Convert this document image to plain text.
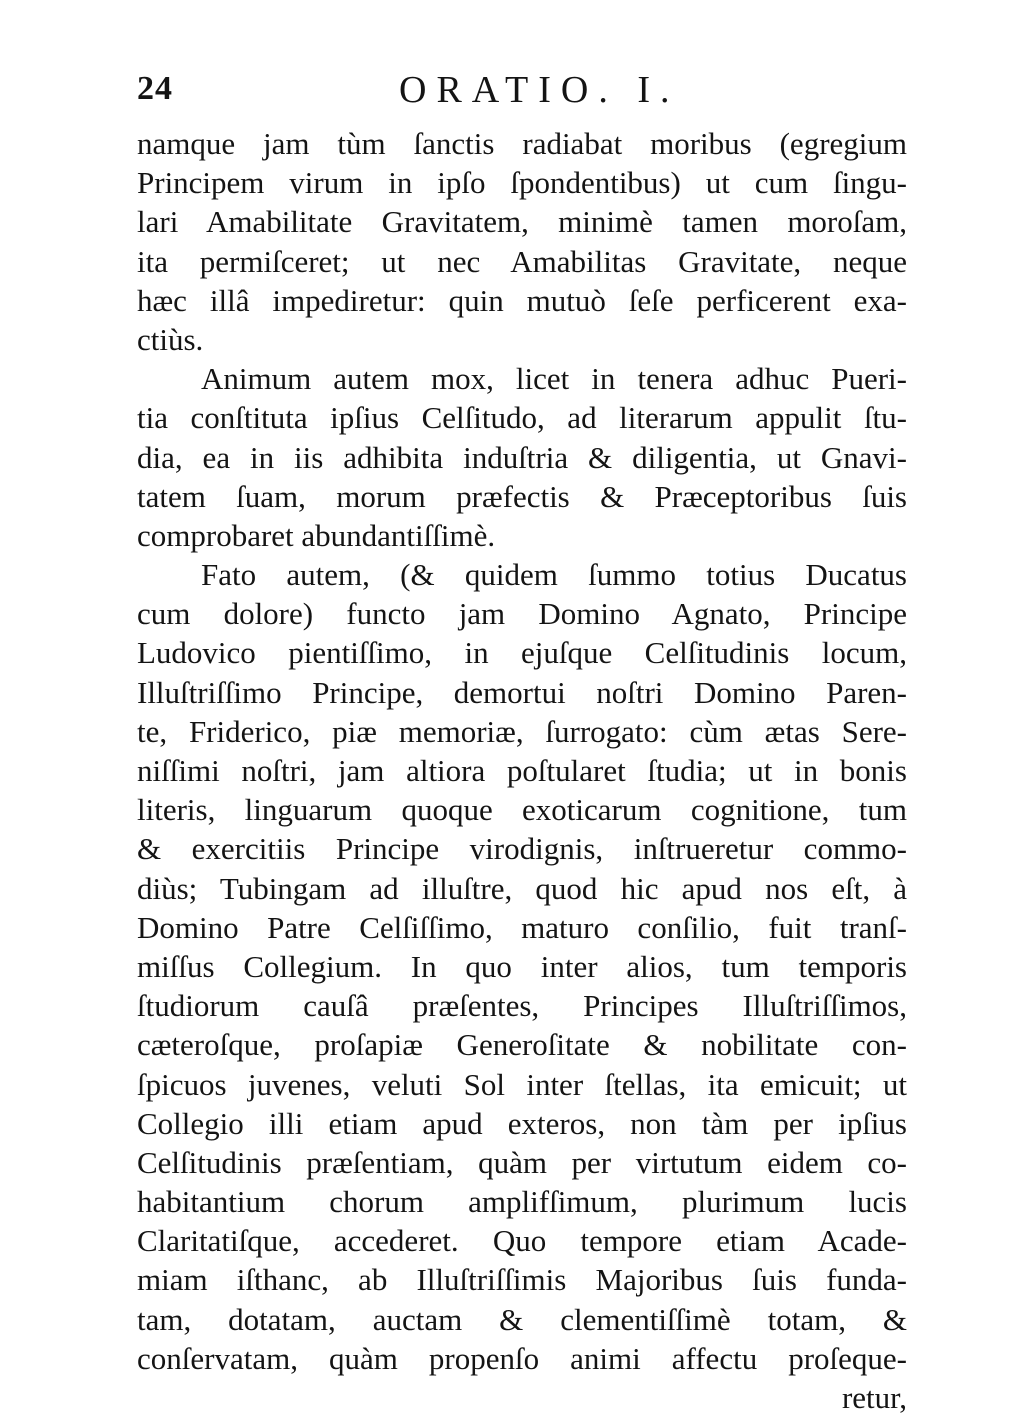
24	ORATIO. I.
namque jam tùm ſanctis radiabat moribus (egregium
Principem virum in ipſo ſpondentibus) ut cum ſingu-
lari Amabilitate Gravitatem, minimè tamen moroſam,
ita permiſceret; ut nec Amabilitas Gravitate, neque
hæc illâ impediretur: quin mutuò ſeſe perficerent exa-
ctiùs.
Animum autem mox, licet in tenera adhuc Pueri-
tia conſtituta ipſius Celſitudo, ad literarum appulit ſtu-
dia, ea in iis adhibita induſtria & diligentia, ut Gnavi-
tatem ſuam, morum præfectis & Præceptoribus ſuis
comprobaret abundantiſſimè.
Fato autem, (& quidem ſummo totius Ducatus
cum dolore) functo jam Domino Agnato, Principe
Ludovico pientiſſimo, in ejuſque Celſitudinis locum,
Illuſtriſſimo Principe, demortui noſtri Domino Paren-
te, Friderico, piæ memoriæ, ſurrogato: cùm ætas Sere-
niſſimi noſtri, jam altiora poſtularet ſtudia; ut in bonis
literis, linguarum quoque exoticarum cognitione, tum
& exercitiis Principe virodignis, inſtrueretur commo-
diùs; Tubingam ad illuſtre, quod hic apud nos eſt, à
Domino Patre Celſiſſimo, maturo conſilio, fuit tranſ-
miſſus Collegium. In quo inter alios, tum temporis
ſtudiorum cauſâ præſentes, Principes Illuſtriſſimos,
cæteroſque, proſapiæ Generoſitate & nobilitate con-
ſpicuos juvenes, veluti Sol inter ſtellas, ita emicuit; ut
Collegio illi etiam apud exteros, non tàm per ipſius
Celſitudinis præſentiam, quàm per virtutum eidem co-
habitantium chorum amplifſimum, plurimum lucis
Claritatiſque, accederet. Quo tempore etiam Acade-
miam iſthanc, ab Illuſtriſſimis Majoribus ſuis funda-
tam, dotatam, auctam & clementiſſimè totam, &
conſervatam, quàm propenſo animi affectu proſeque-
retur,
